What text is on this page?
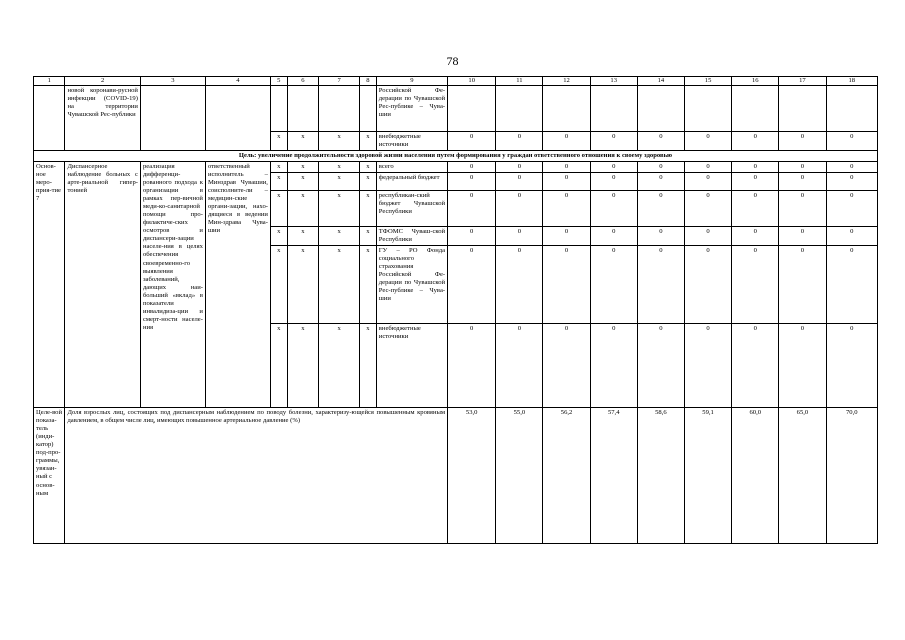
78
1	2	3	4	5	6	7	8	9	10	11	12	13	14	15	16	17	18
	новой коронави-русной инфекции (COVID-19) на территории Чувашской Рес-публики							Российской Фе-дерации по Чувашской Рес-публике – Чува-шии									
				x	x	x	x	внебюджетные источники	0	0	0	0	0	0	0	0	0
Цель: увеличение продолжительности здоровой жизни населения путем формирования у граждан ответственного отношения к своему здоровью																	
Основ-ное меро-прия-тие 7	Диспансерное наблюдение больных с арте-риальной гипер-тонией	реализация дифференци-рованного подхода к организации в рамках пер-вичной меди-ко-санитарной помощи про-филактиче-ских осмотров и диспансери-зации населе-ния в целях обеспечения своевременно-го выявления заболеваний, дающих наи-больший «вклад» в показатели инвалидиза-ции и смерт-ности населе-ния	ответственный исполнитель – Минздрав Чувашии, соисполните-ли – медицин-ские органи-зации, нахо-дящиеся в ведении Мин-здрава Чува-шии	x	x	x	x	всего	0	0	0	0	0	0	0	0	0
				x	x	x	x	федеральный бюджет	0	0	0	0	0	0	0	0	0
				x	x	x	x	республикан-ский бюджет Чувашской Республики	0	0	0	0	0	0	0	0	0
				x	x	x	x	ТФОМС Чуваш-ской Республики	0	0	0	0	0	0	0	0	0
				x	x	x	x	ГУ – РО Фонда социального страхования Российской Фе-дерации по Чувашской Рес-публике – Чува-шии	0	0	0	0	0	0	0	0	0
				x	x	x	x	внебюджетные источники	0	0	0	0	0	0	0	0	0
Целе-вой показа-тель (инди-катор) под-про-граммы, увязан-ный с основ-ным	Доля взрослых лиц, состоящих под диспансерным наблюдением по поводу болезни, характеризу-ющейся повышенным кровяным давлением, в общем числе лиц, имеющих повышенное артериальное давление (%)								53,0	55,0	56,2	57,4	58,6	59,1	60,0	65,0	70,0
